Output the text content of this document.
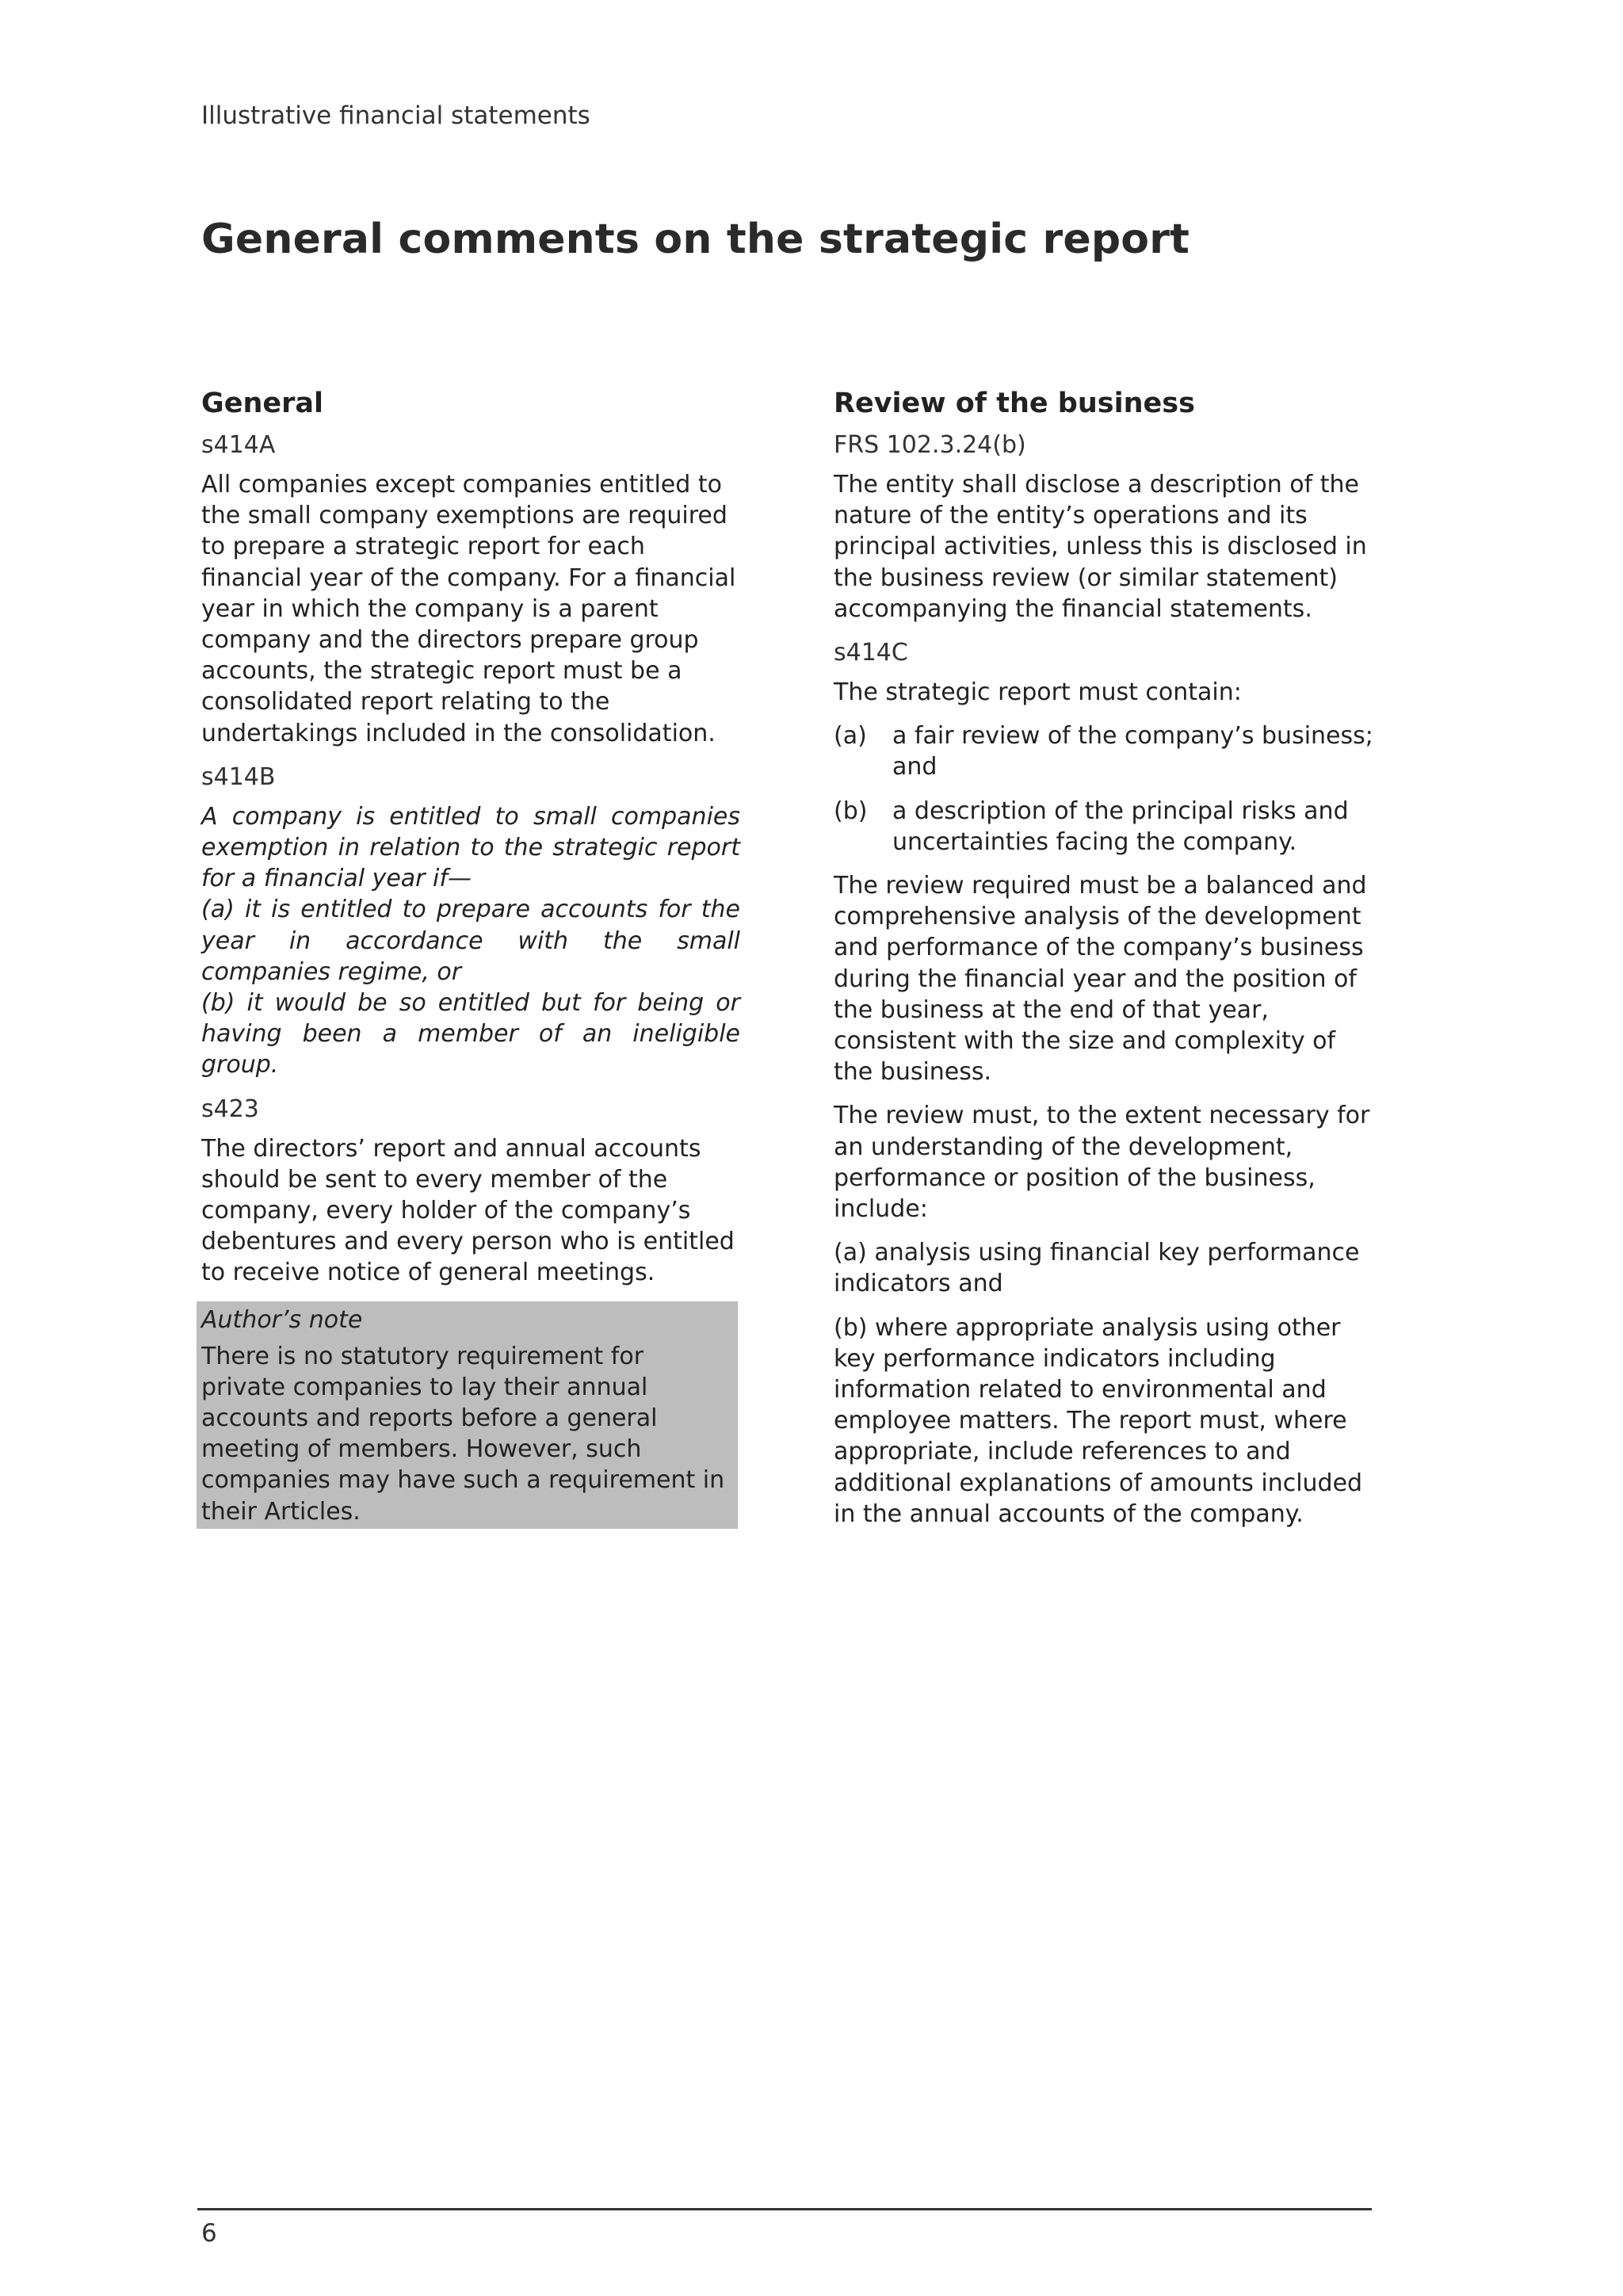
Illustrative financial statements
General comments on the strategic report
General
s414A

All companies except companies entitled to the small company exemptions are required to prepare a strategic report for each financial year of the company. For a financial year in which the company is a parent company and the directors prepare group accounts, the strategic report must be a consolidated report relating to the undertakings included in the consolidation.

s414B

A company is entitled to small companies exemption in relation to the strategic report for a financial year if—
(a) it is entitled to prepare accounts for the year in accordance with the small companies regime, or
(b) it would be so entitled but for being or having been a member of an ineligible group.

s423

The directors’ report and annual accounts should be sent to every member of the company, every holder of the company’s debentures and every person who is entitled to receive notice of general meetings.

Author’s note

There is no statutory requirement for private companies to lay their annual accounts and reports before a general meeting of members. However, such companies may have such a requirement in their Articles.

Review of the business
FRS 102.3.24(b)

The entity shall disclose a description of the nature of the entity’s operations and its principal activities, unless this is disclosed in the business review (or similar statement) accompanying the financial statements.

s414C

The strategic report must contain:

(a)	a fair review of the company’s business; and
(b)	a description of the principal risks and uncertainties facing the company.

The review required must be a balanced and comprehensive analysis of the development and performance of the company’s business during the financial year and the position of the business at the end of that year, consistent with the size and complexity of the business.

The review must, to the extent necessary for an understanding of the development, performance or position of the business, include:

(a) analysis using financial key performance indicators and

(b) where appropriate analysis using other key performance indicators including information related to environmental and employee matters. The report must, where appropriate, include references to and additional explanations of amounts included in the annual accounts of the company.

6
